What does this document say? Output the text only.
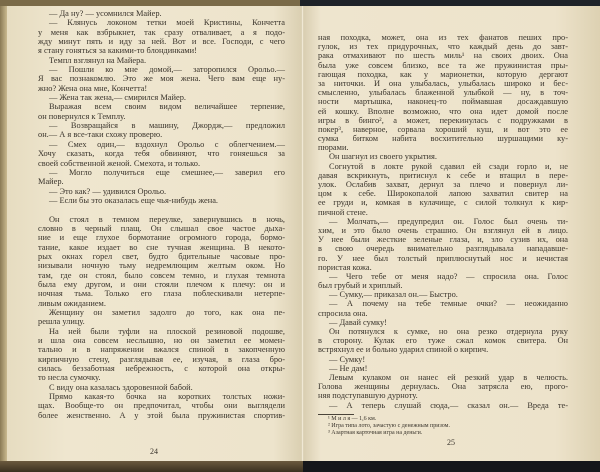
— Да ну? — усомнился Майер.
— Клянусь локоном тетки моей Кристины, Кончетта
у меня как взбрыкнет, так сразу отваливает, а я подо-
жду минут пять и иду за ней. Вот и все. Господи, с чего
я стану гоняться за какими-то блондинками!
Темпл взглянул на Майера.
— Пошли ко мне домой,— заторопился Орольо.—
Я вас познакомлю. Это же моя жена. Чего вам еще ну-
жно? Жена она мне, Кончетта!
— Жена так жена,— смирился Майер.
Выражая всем своим видом величайшее терпение,
он повернулся к Темплу.
— Возвращайся в машину, Джордж,— предложил
он.— А я все-таки схожу проверю.
— Смех один,— вздохнул Орольо с облегчением.—
Хочу сказать, когда тебя обвиняют, что гоняешься за
своей собственной женой. Смехота, и только.
— Могло получиться еще смешнее,— заверил его
Майер.
— Это как? — удивился Орольо.
— Если бы это оказалась еще чья-нибудь жена.
Он стоял в темном переулке, завернувшись в ночь,
словно в черный плащ. Он слышал свое частое дыха-
ние и еще глухое бормотание огромного города, бормо-
тание, какое издает во сне тучная женщина. В некото-
рых окнах горел свет, будто бдительные часовые про-
низывали ночную тьму недремлющим желтым оком. Но
там, где он стоял, было совсем темно, и глухая темнота
была ему другом, и они стояли плечом к плечу: он и
ночная тьма. Только его глаза поблескивали нетерпе-
ливым ожиданием.
Женщину он заметил задолго до того, как она пе-
решла улицу.
На ней были туфли на плоской резиновой подошве,
и шла она совсем неслышно, но он заметил ее момен-
тально и в напряжении вжался спиной в закопченную
кирпичную стену, разглядывая ее, изучая, в глаза бро-
силась беззаботная небрежность, с которой она откры-
то несла сумочку.
С виду она казалась здоровенной бабой.
Прямо какая-то бочка на коротких толстых ножи-
щах. Вообще-то он предпочитал, чтобы они выглядели
более женственно. А у этой была пружинистая спортив-
ная походка, может, она из тех фанатов пеших про-
гулок, из тех придурочных, что каждый день до завт-
рака отмахивают по шесть миль¹ на своих двоих. Она
была уже совсем близко, все та же пружинистая пры-
гающая походка, как у марионетки, которую дергают
за ниточки. И она улыбалась, улыбалась широко и бес-
смысленно, улыбалась блаженной улыбкой — ну, в точ-
ности мартышка, наконец-то поймавшая досаждавшую
ей кошку. Вполне возможно, что она идет домой после
игры в бинго², а может, перекинулась с подружками в
покер³, наверное, сорвала хороший куш, и вот это ее
сумка битком набита восхитительно шуршащими ку-
пюрами.
Он шагнул из своего укрытия.
Согнутой в локте рукой сдавил ей сзади горло и, не
давая вскрикнуть, притиснул к себе и втащил в пере-
улок. Ослабив захват, дернул за плечо и повернул ли-
цом к себе. Широкопалой лапою захватил свитер на
ее груди и, комкая в кулачище, с силой толкнул к кир-
пичной стене.
— Молчать,— предупредил он. Голос был очень ти-
хим, и это было очень страшно. Он взглянул ей в лицо.
У нее были жесткие зеленые глаза, и, зло сузив их, она
в свою очередь внимательно разглядывала нападавше-
го. У нее был толстый приплюснутый нос и нечистая
пористая кожа.
— Чего тебе от меня надо? — спросила она. Голос
был грубый и хриплый.
— Сумку,— приказал он.— Быстро.
— А почему на тебе темные очки? — неожиданно
спросила она.
— Давай сумку!
Он потянулся к сумке, но она резко отдернула руку
в сторону. Кулак его туже сжал комок свитера. Он
встряхнул ее и больно ударил спиной о кирпич.
— Сумку!
— Не дам!
Левым кулаком он нанес ей резкий удар в челюсть.
Голова женщины дернулась. Она затрясла ею, прого-
няя подступавшую дурноту.
— А теперь слушай сюда,— сказал он.— Вреда те-
¹ М и л я — 1,6 км.
² Игра типа лото, зачастую с денежным призом.
³ Азартная карточная игра на деньги.
24
25
